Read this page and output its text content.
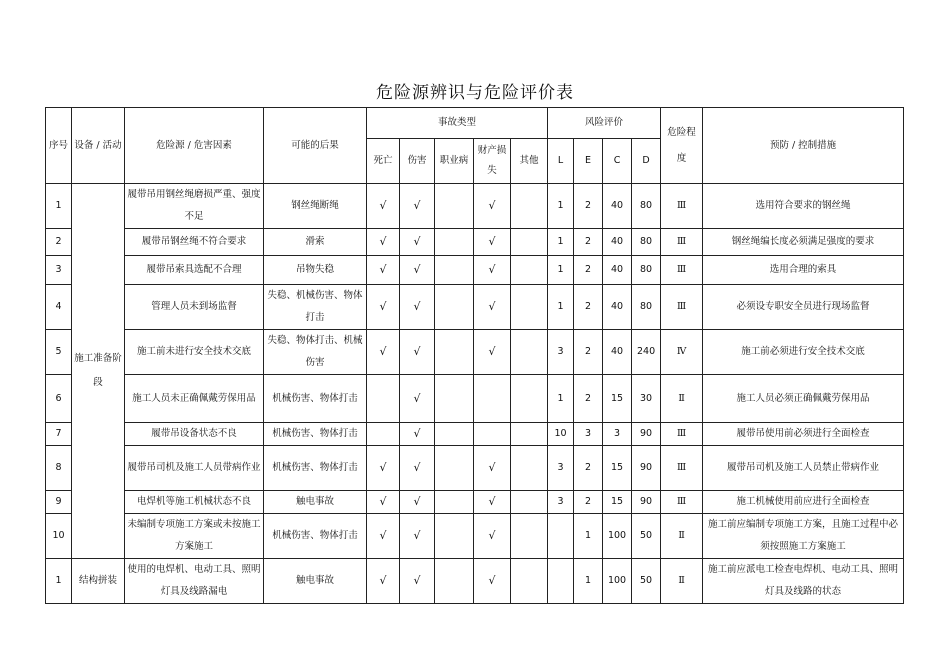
危险源辨识与危险评价表
序号	设备 / 活动	危险源 / 危害因素	可能的后果	事故类型					风险评价				危险程度	预防 / 控制措施
				死亡	伤害	职业病	财产损失	其他	L	E	C	D		
1	施工准备阶段	履带吊用钢丝绳磨损严重、强度不足	钢丝绳断绳	√	√		√		1	2	40	80	Ⅲ	选用符合要求的钢丝绳
2		履带吊钢丝绳不符合要求	滑索	√	√		√		1	2	40	80	Ⅲ	钢丝绳编长度必须满足强度的要求
3		履带吊索具选配不合理	吊物失稳	√	√		√		1	2	40	80	Ⅲ	选用合理的索具
4		管理人员未到场监督	失稳、机械伤害、物体打击	√	√		√		1	2	40	80	Ⅲ	必须设专职安全员进行现场监督
5		施工前未进行安全技术交底	失稳、物体打击、机械伤害	√	√		√		3	2	40	240	Ⅳ	施工前必须进行安全技术交底
6		施工人员未正确佩戴劳保用品	机械伤害、物体打击		√				1	2	15	30	Ⅱ	施工人员必须正确佩戴劳保用品
7		履带吊设备状态不良	机械伤害、物体打击		√				10	3	3	90	Ⅲ	履带吊使用前必须进行全面检查
8		履带吊司机及施工人员带病作业	机械伤害、物体打击	√	√		√		3	2	15	90	Ⅲ	履带吊司机及施工人员禁止带病作业
9		电焊机等施工机械状态不良	触电事故	√	√		√		3	2	15	90	Ⅲ	施工机械使用前应进行全面检查
10		未编制专项施工方案或未按施工方案施工	机械伤害、物体打击	√	√		√			1	100	50	Ⅱ	施工前应编制专项施工方案，且施工过程中必须按照施工方案施工
1	结构拼装	使用的电焊机、电动工具、照明灯具及线路漏电	触电事故	√	√		√			1	100	50	Ⅱ	施工前应派电工检查电焊机、电动工具、照明灯具及线路的状态
